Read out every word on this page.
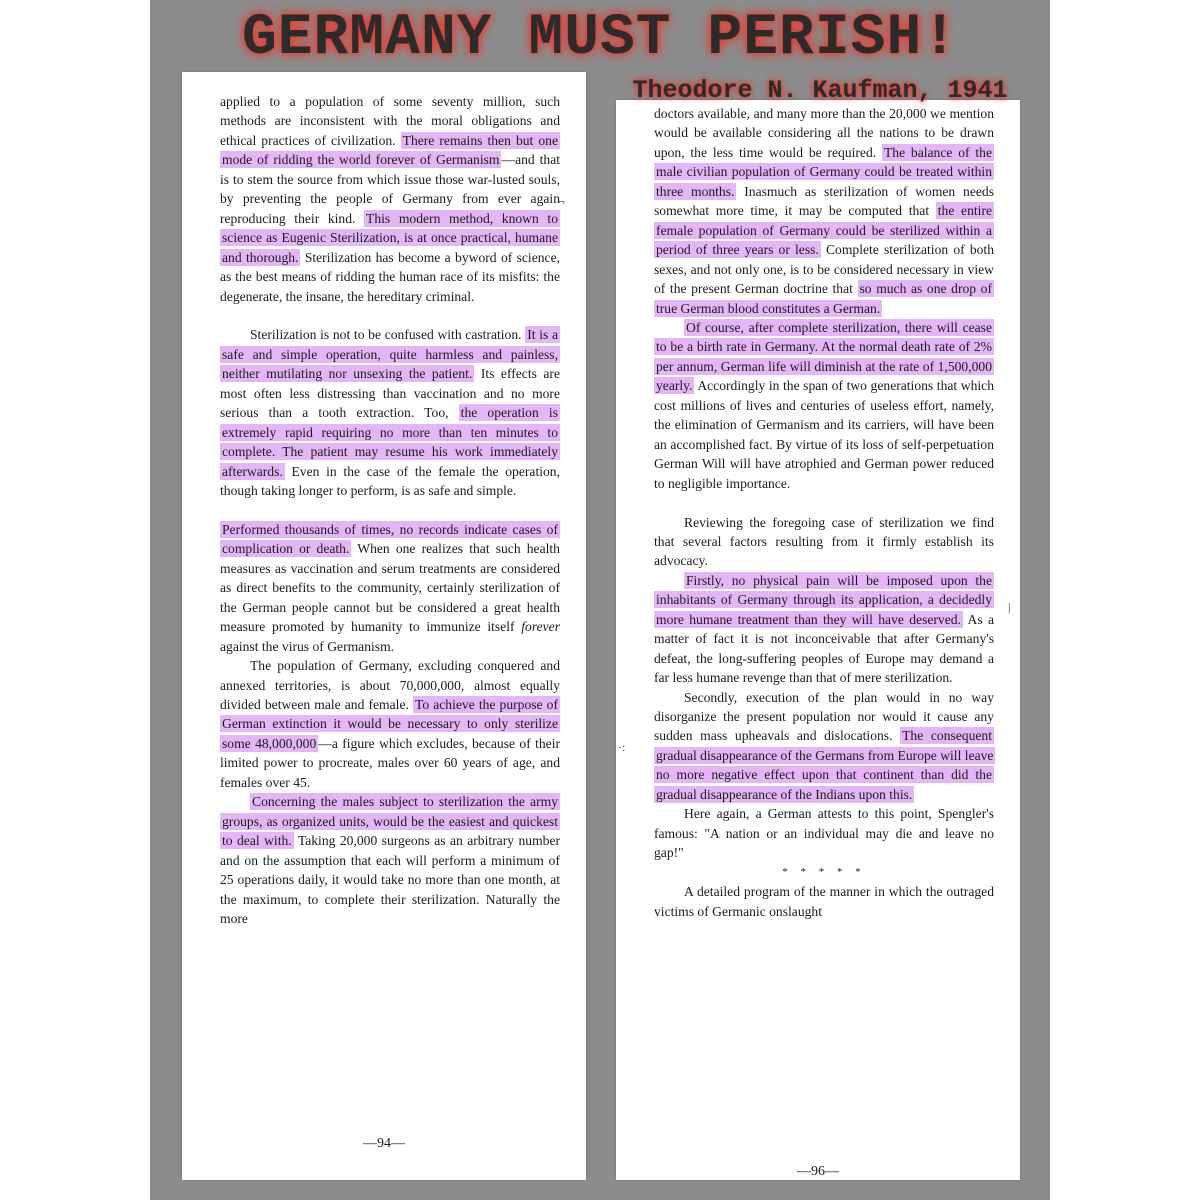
GERMANY MUST PERISH!

applied to a population of some seventy million, such methods are inconsistent with the moral obligations and ethical practices of civilization. There remains then but one mode of ridding the world forever of Germanism —and that is to stem the source from which issue those war-lusted souls, by preventing the people of Germany from ever again reproducing their kind. This modern method, known to science as Eugenic Sterilization, is at once practical, humane and thorough. Sterilization has become a byword of science, as the best means of ridding the human race of its misfits: the degenerate, the insane, the hereditary criminal.

Sterilization is not to be confused with castration. It is a safe and simple operation, quite harmless and painless, neither mutilating nor unsexing the patient. Its effects are most often less distressing than vaccination and no more serious than a tooth extraction. Too, the operation is extremely rapid requiring no more than ten minutes to complete. The patient may resume his work immediately afterwards. Even in the case of the female the operation, though taking longer to perform, is as safe and simple.

Performed thousands of times, no records indicate cases of complication or death. When one realizes that such health measures as vaccination and serum treatments are considered as direct benefits to the community, certainly sterilization of the German people cannot but be considered a great health measure promoted by humanity to immunize itself forever against the virus of Germanism.

The population of Germany, excluding conquered and annexed territories, is about 70,000,000, almost equally divided between male and female. To achieve the purpose of German extinction it would be necessary to only sterilize some 48,000,000 —a figure which excludes, because of their limited power to procreate, males over 60 years of age, and females over 45.

Concerning the males subject to sterilization the army groups, as organized units, would be the easiest and quickest to deal with. Taking 20,000 surgeons as an arbitrary number and on the assumption that each will perform a minimum of 25 operations daily, it would take no more than one month, at the maximum, to complete their sterilization. Naturally the more

—94—
¬

doctors available, and many more than the 20,000 we mention would be available considering all the nations to be drawn upon, the less time would be required. The balance of the male civilian population of Germany could be treated within three months. Inasmuch as sterilization of women needs somewhat more time, it may be computed that the entire female population of Germany could be sterilized within a period of three years or less. Complete sterilization of both sexes, and not only one, is to be considered necessary in view of the present German doctrine that so much as one drop of true German blood constitutes a German.

Of course, after complete sterilization, there will cease to be a birth rate in Germany. At the normal death rate of 2% per annum, German life will diminish at the rate of 1,500,000 yearly. Accordingly in the span of two generations that which cost millions of lives and centuries of useless effort, namely, the elimination of Germanism and its carriers, will have been an accomplished fact. By virtue of its loss of self-perpetuation German Will will have atrophied and German power reduced to negligible importance.

Reviewing the foregoing case of sterilization we find that several factors resulting from it firmly establish its advocacy.

Firstly, no physical pain will be imposed upon the inhabitants of Germany through its application, a decidedly more humane treatment than they will have deserved. As a matter of fact it is not inconceivable that after Germany's defeat, the long-suffering peoples of Europe may demand a far less humane revenge than that of mere sterilization.

Secondly, execution of the plan would in no way disorganize the present population nor would it cause any sudden mass upheavals and dislocations. The consequent gradual disappearance of the Germans from Europe will leave no more negative effect upon that continent than did the gradual disappearance of the Indians upon this.

Here again, a German attests to this point, Spengler's famous: "A nation or an individual may die and leave no gap!"

* * * * *

A detailed program of the manner in which the outraged victims of Germanic onslaught

—96—
|
·:
Theodore N. Kaufman, 1941
